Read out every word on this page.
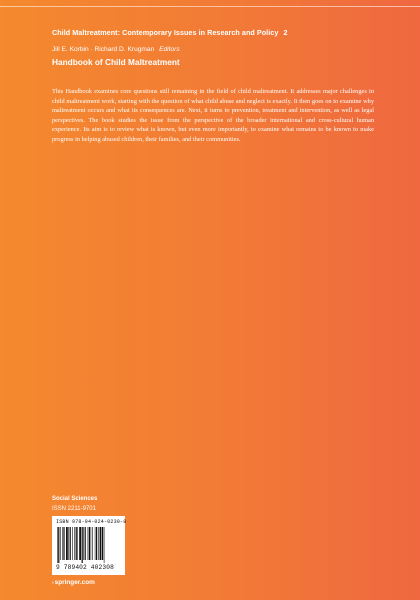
Child Maltreatment: Contemporary Issues in Research and Policy 2
Jill E. Korbin · Richard D. Krugman Editors
Handbook of Child Maltreatment
This Handbook examines core questions still remaining in the field of child maltreatment. It addresses major challenges in child maltreatment work, starting with the question of what child abuse and neglect is exactly. It then goes on to examine why maltreatment occurs and what its consequences are. Next, it turns to prevention, treatment and intervention, as well as legal perspectives. The book studies the issue from the perspective of the broader international and cross-cultural human experience. Its aim is to review what is known, but even more importantly, to examine what remains to be known to make progress in helping abused children, their families, and their communities.
Social Sciences
ISSN 2211-9701
ISBN 978-94-024-0230-8
9 789402 402308
›springer.com
